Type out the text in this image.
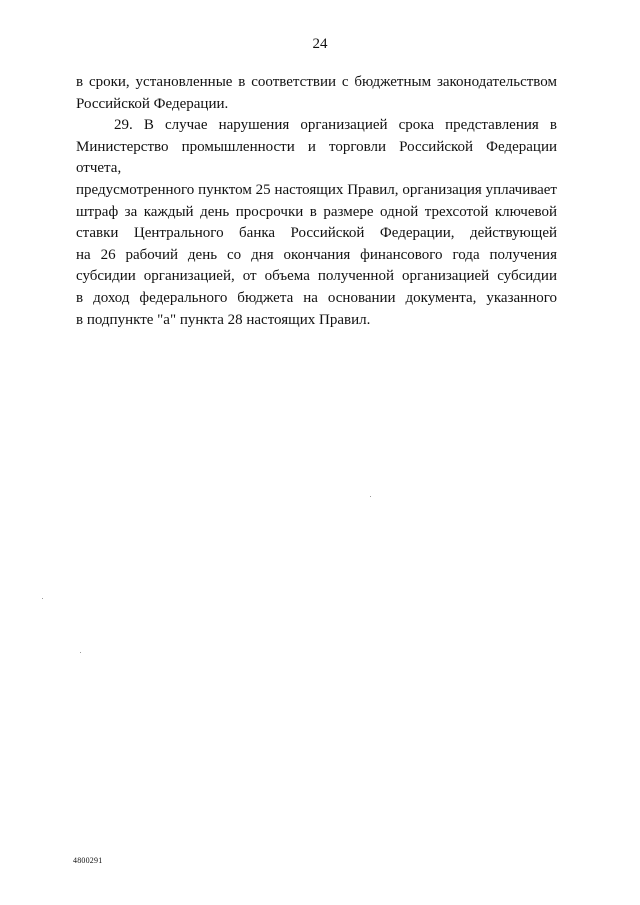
24
в сроки, установленные в соответствии с бюджетным законодательством
Российской Федерации.
29. В случае нарушения организацией срока представления в
Министерство промышленности и торговли Российской Федерации отчета,
предусмотренного пунктом 25 настоящих Правил, организация уплачивает
штраф за каждый день просрочки в размере одной трехсотой ключевой
ставки Центрального банка Российской Федерации, действующей
на 26 рабочий день со дня окончания финансового года получения
субсидии организацией, от объема полученной организацией субсидии
в доход федерального бюджета на основании документа, указанного
в подпункте "а" пункта 28 настоящих Правил.
4800291
